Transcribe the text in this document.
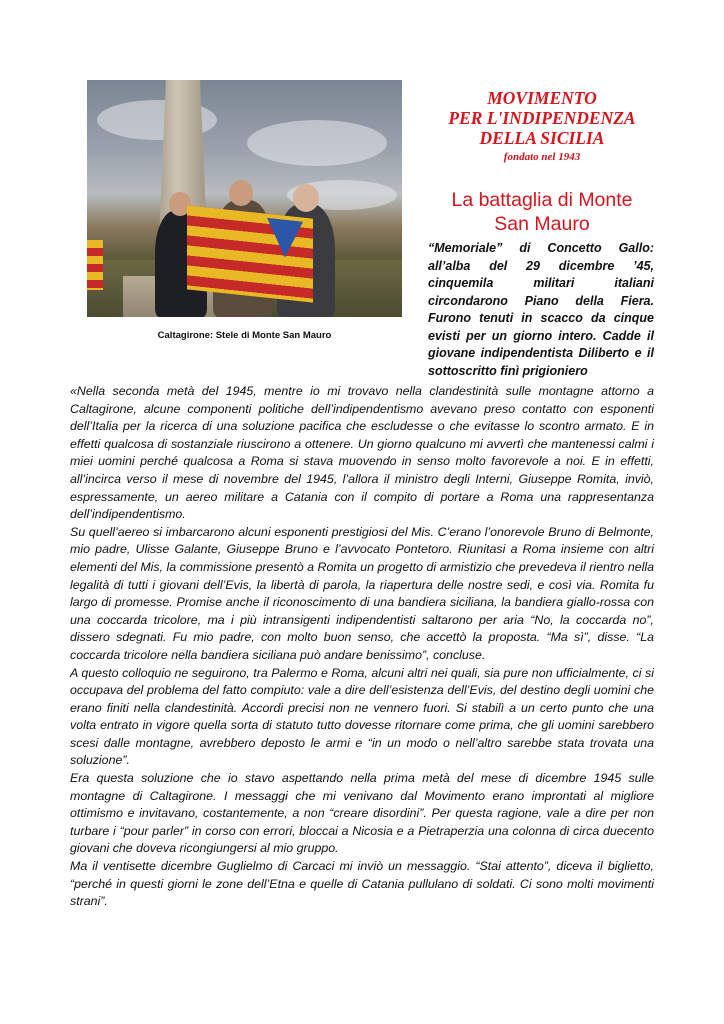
Caltagirone: Stele di Monte San Mauro
MOVIMENTO
PER L'INDIPENDENZA
DELLA SICILIA
fondato nel 1943
La battaglia di Monte
San Mauro
“Memoriale” di Concetto Gallo: all’alba del 29 dicembre ’45, cinquemila militari italiani circondarono Piano della Fiera. Furono tenuti in scacco da cinque evisti per un giorno intero. Cadde il giovane indipendentista Diliberto e il
sottoscritto finì prigioniero

«Nella seconda metà del 1945, mentre io mi trovavo nella clandestinità sulle montagne attorno a Caltagirone, alcune componenti politiche dell’indipendentismo avevano preso contatto con esponenti dell’Italia per la ricerca di una soluzione pacifica che escludesse o che evitasse lo scontro armato. E in effetti qualcosa di sostanziale riuscirono a ottenere. Un giorno qualcuno mi avvertì che mantenessi calmi i miei uomini perché qualcosa a Roma si stava muovendo in senso molto favorevole a noi. E in effetti, all’incirca verso il mese di novembre del 1945, l’allora il ministro degli Interni, Giuseppe Romita, inviò, espressamente, un aereo militare a Catania con il compito di portare a Roma una rappresentanza dell’indipendentismo.

Su quell’aereo si imbarcarono alcuni esponenti prestigiosi del Mis. C’erano l’onorevole Bruno di Belmonte, mio padre, Ulisse Galante, Giuseppe Bruno e l’avvocato Pontetoro. Riunitasi a Roma insieme con altri elementi del Mis, la commissione presentò a Romita un progetto di armistizio che prevedeva il rientro nella legalità di tutti i giovani dell’Evis, la libertà di parola, la riapertura delle nostre sedi, e così via. Romita fu largo di promesse. Promise anche il riconoscimento di una bandiera siciliana, la bandiera giallo-rossa con una coccarda tricolore, ma i più intransigenti indipendentisti saltarono per aria “No, la coccarda no”, dissero sdegnati. Fu mio padre, con molto buon senso, che accettò la proposta. “Ma sì”, disse. “La coccarda tricolore nella bandiera siciliana può andare benissimo”, concluse.

A questo colloquio ne seguirono, tra Palermo e Roma, alcuni altri nei quali, sia pure non ufficialmente, ci si occupava del problema del fatto compiuto: vale a dire dell’esistenza dell’Evis, del destino degli uomini che erano finiti nella clandestinità. Accordi precisi non ne vennero fuori. Si stabilì a un certo punto che una volta entrato in vigore quella sorta di statuto tutto dovesse ritornare come prima, che gli uomini sarebbero scesi dalle montagne, avrebbero deposto le armi e “in un modo o nell’altro sarebbe stata trovata una soluzione”.

Era questa soluzione che io stavo aspettando nella prima metà del mese di dicembre 1945 sulle montagne di Caltagirone. I messaggi che mi venivano dal Movimento erano improntati al migliore ottimismo e invitavano, costantemente, a non “creare disordini”. Per questa ragione, vale a dire per non turbare i “pour parler” in corso con errori, bloccai a Nicosia e a Pietraperzia una colonna di circa duecento giovani che doveva ricongiungersi al mio gruppo.

Ma il ventisette dicembre Guglielmo di Carcaci mi inviò un messaggio. “Stai attento”, diceva il biglietto, “perché in questi giorni le zone dell’Etna e quelle di Catania pullulano di soldati. Ci sono molti movimenti strani”.
